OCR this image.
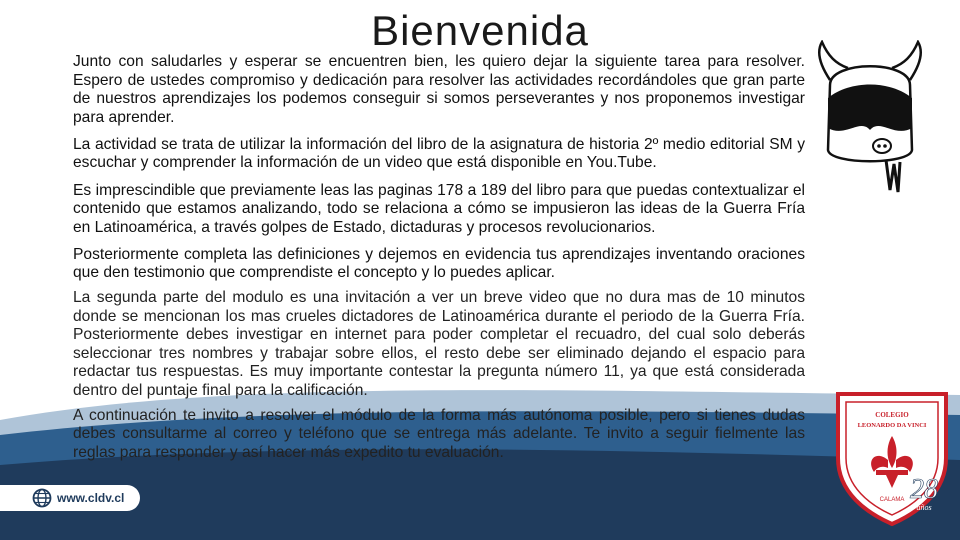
Bienvenida

Junto con saludarles y esperar se encuentren bien, les quiero dejar la siguiente tarea para resolver. Espero de ustedes compromiso y dedicación para resolver las actividades recordándoles que gran parte de nuestros aprendizajes los podemos conseguir si somos perseverantes y nos proponemos investigar para aprender.

La actividad se trata de utilizar la información del libro de la asignatura de historia 2º medio editorial SM y escuchar y comprender la información de un video que está disponible en You.Tube.

Es imprescindible que previamente leas las paginas 178 a 189 del libro para que puedas contextualizar el contenido que estamos analizando, todo se relaciona a cómo se impusieron las ideas de la Guerra Fría en Latinoamérica, a través golpes de Estado, dictaduras y procesos revolucionarios.

Posteriormente completa las definiciones y dejemos en evidencia tus aprendizajes inventando oraciones que den testimonio que comprendiste el concepto y lo puedes aplicar.

La segunda parte del modulo es una invitación a ver un breve video que no dura mas de 10 minutos donde se mencionan los mas crueles dictadores de Latinoamérica durante el periodo de la Guerra Fría. Posteriormente debes investigar en internet para poder completar el recuadro, del cual solo deberás seleccionar tres nombres y trabajar sobre ellos, el resto debe ser eliminado dejando el espacio para redactar tus respuestas. Es muy importante contestar la pregunta número 11, ya que está considerada dentro del puntaje final para la calificación.

A continuación te invito a resolver el módulo de la forma más autónoma posible, pero si tienes dudas debes consultarme al correo y teléfono que se entrega más adelante. Te invito a seguir fielmente las reglas para responder y así hacer más expedito tu evaluación.

www.cldv.cl
COLEGIO
LEONARDO DA VINCI
CALAMA 28
años
